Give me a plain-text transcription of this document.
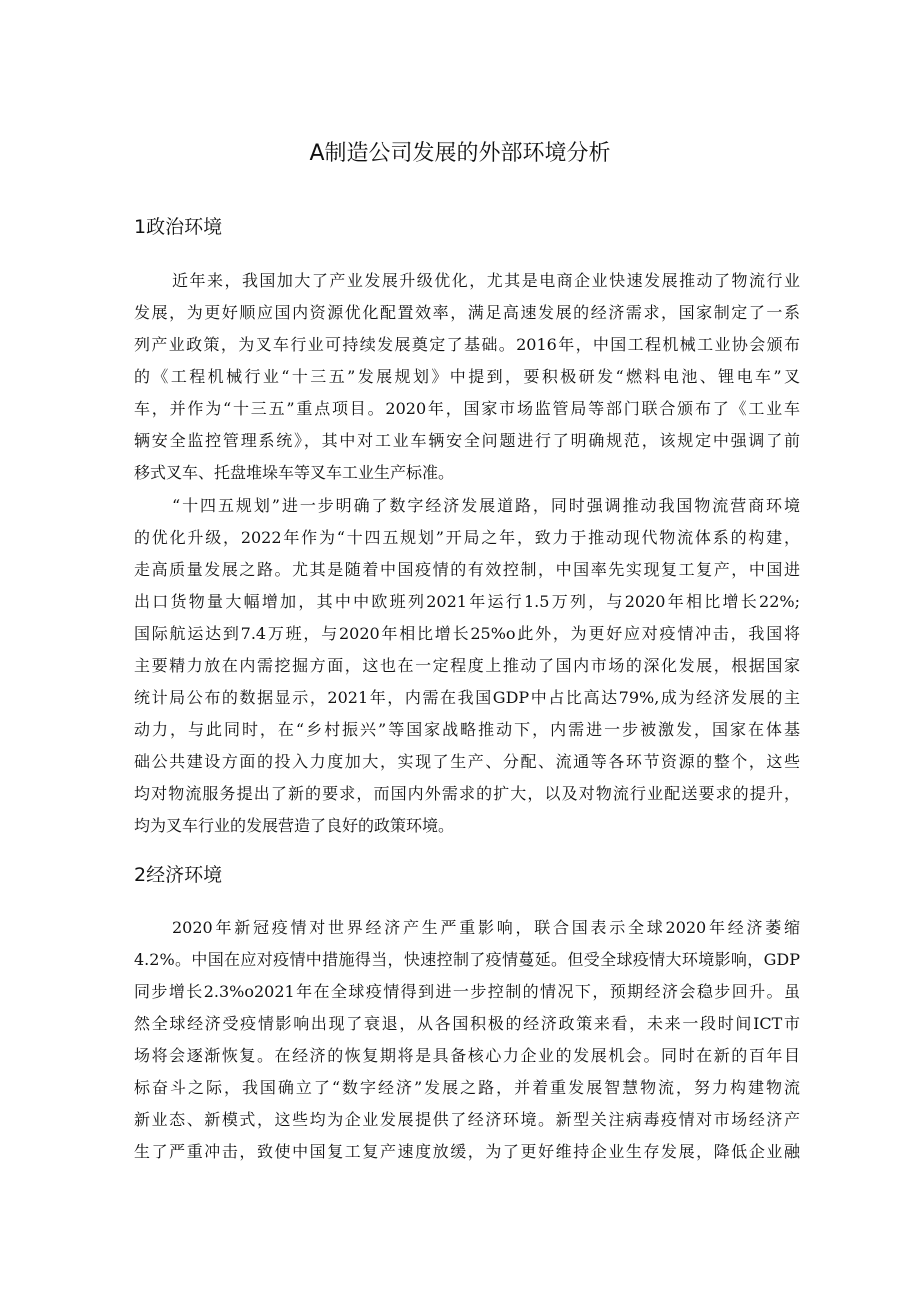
A制造公司发展的外部环境分析
1政治环境
近年来，我国加大了产业发展升级优化，尤其是电商企业快速发展推动了物流行业
发展，为更好顺应国内资源优化配置效率，满足高速发展的经济需求，国家制定了一系
列产业政策，为叉车行业可持续发展奠定了基础。2016年，中国工程机械工业协会颁布
的《工程机械行业“十三五”发展规划》中提到，要积极研发“燃料电池、锂电车”叉
车，并作为“十三五”重点项目。2020年，国家市场监管局等部门联合颁布了《工业车
辆安全监控管理系统》，其中对工业车辆安全问题进行了明确规范，该规定中强调了前
移式叉车、托盘堆垛车等叉车工业生产标准。
“十四五规划”进一步明确了数字经济发展道路，同时强调推动我国物流营商环境
的优化升级，2022年作为“十四五规划”开局之年，致力于推动现代物流体系的构建，
走高质量发展之路。尤其是随着中国疫情的有效控制，中国率先实现复工复产，中国进
出口货物量大幅增加，其中中欧班列2021年运行1.5万列，与2020年相比增长22%;
国际航运达到7.4万班，与2020年相比增长25%o此外，为更好应对疫情冲击，我国将
主要精力放在内需挖掘方面，这也在一定程度上推动了国内市场的深化发展，根据国家
统计局公布的数据显示，2021年，内需在我国GDP中占比高达79%,成为经济发展的主
动力，与此同时，在“乡村振兴”等国家战略推动下，内需进一步被激发，国家在体基
础公共建设方面的投入力度加大，实现了生产、分配、流通等各环节资源的整个，这些
均对物流服务提出了新的要求，而国内外需求的扩大，以及对物流行业配送要求的提升，
均为叉车行业的发展营造了良好的政策环境。
2经济环境
2020年新冠疫情对世界经济产生严重影响，联合国表示全球2020年经济萎缩
4.2%。中国在应对疫情中措施得当，快速控制了疫情蔓延。但受全球疫情大环境影响，GDP
同步增长2.3%o2021年在全球疫情得到进一步控制的情况下，预期经济会稳步回升。虽
然全球经济受疫情影响出现了衰退，从各国积极的经济政策来看，未来一段时间ICT市
场将会逐渐恢复。在经济的恢复期将是具备核心力企业的发展机会。同时在新的百年目
标奋斗之际，我国确立了“数字经济”发展之路，并着重发展智慧物流，努力构建物流
新业态、新模式，这些均为企业发展提供了经济环境。新型关注病毒疫情对市场经济产
生了严重冲击，致使中国复工复产速度放缓，为了更好维持企业生存发展，降低企业融
